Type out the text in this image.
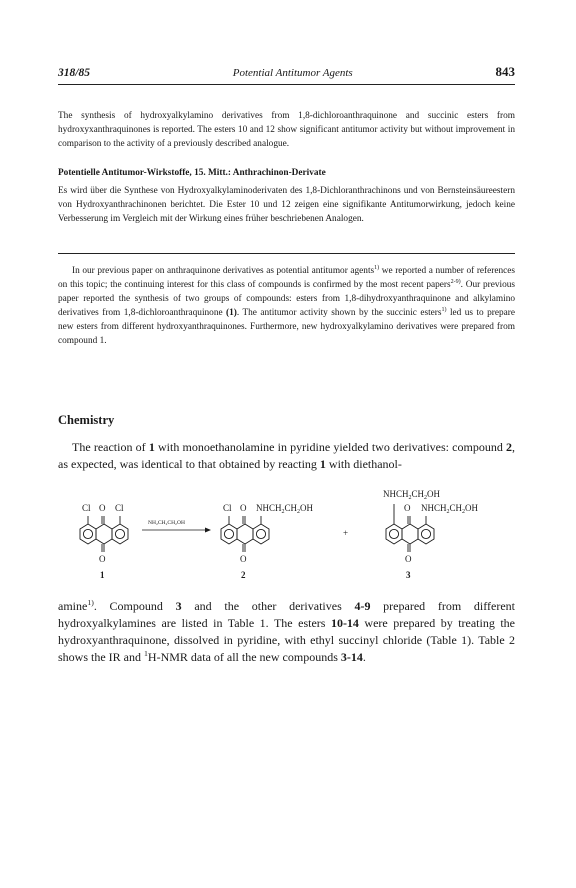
318/85	Potential Antitumor Agents	843

The synthesis of hydroxyalkylamino derivatives from 1,8-dichloroanthraquinone and succinic esters from hydroxyxanthraquinones is reported. The esters 10 and 12 show significant antitumor activity but without improvement in comparison to the activity of a previously described analogue.

Potentielle Antitumor-Wirkstoffe, 15. Mitt.: Anthrachinon-Derivate

Es wird über die Synthese von Hydroxyalkylaminoderivaten des 1,8-Dichloranthrachinons und von Bernsteinsäureestern von Hydroxyanthrachinonen berichtet. Die Ester 10 und 12 zeigen eine signifikante Antitumorwirkung, jedoch keine Verbesserung im Vergleich mit der Wirkung eines früher beschriebenen Analogen.

In our previous paper on anthraquinone derivatives as potential antitumor agents$^{1)}$ we reported a number of references on this topic; the continuing interest for this class of compounds is confirmed by the most recent papers$^{2-9)}$. Our previous paper reported the synthesis of two groups of compounds: esters from 1,8-dihydroxyanthraquinone and alkylamino derivatives from 1,8-dichloroanthraquinone (1). The antitumor activity shown by the succinic esters$^{1)}$ led us to prepare new esters from different hydroxyanthraquinones. Furthermore, new hydroxyalkylamino derivatives were prepared from compound 1.
Chemistry
The reaction of 1 with monoethanolamine in pyridine yielded two derivatives: compound 2, as expected, was identical to that obtained by reacting 1 with diethanol-
Cl O Cl
O
1
NH₂CH₂CH₂OH
Cl O $NHCH_2CH_2OH$
O
2
+
$NHCH_2CH_2OH$
O $NHCH_2CH_2OH$
O
3
amine$^{1)}$. Compound 3 and the other derivatives 4-9 prepared from different hydroxyalkylamines are listed in Table 1. The esters 10-14 were prepared by treating the hydroxyanthraquinone, dissolved in pyridine, with ethyl succinyl chloride (Table 1). Table 2 shows the IR and $^1$H-NMR data of all the new compounds 3-14.
